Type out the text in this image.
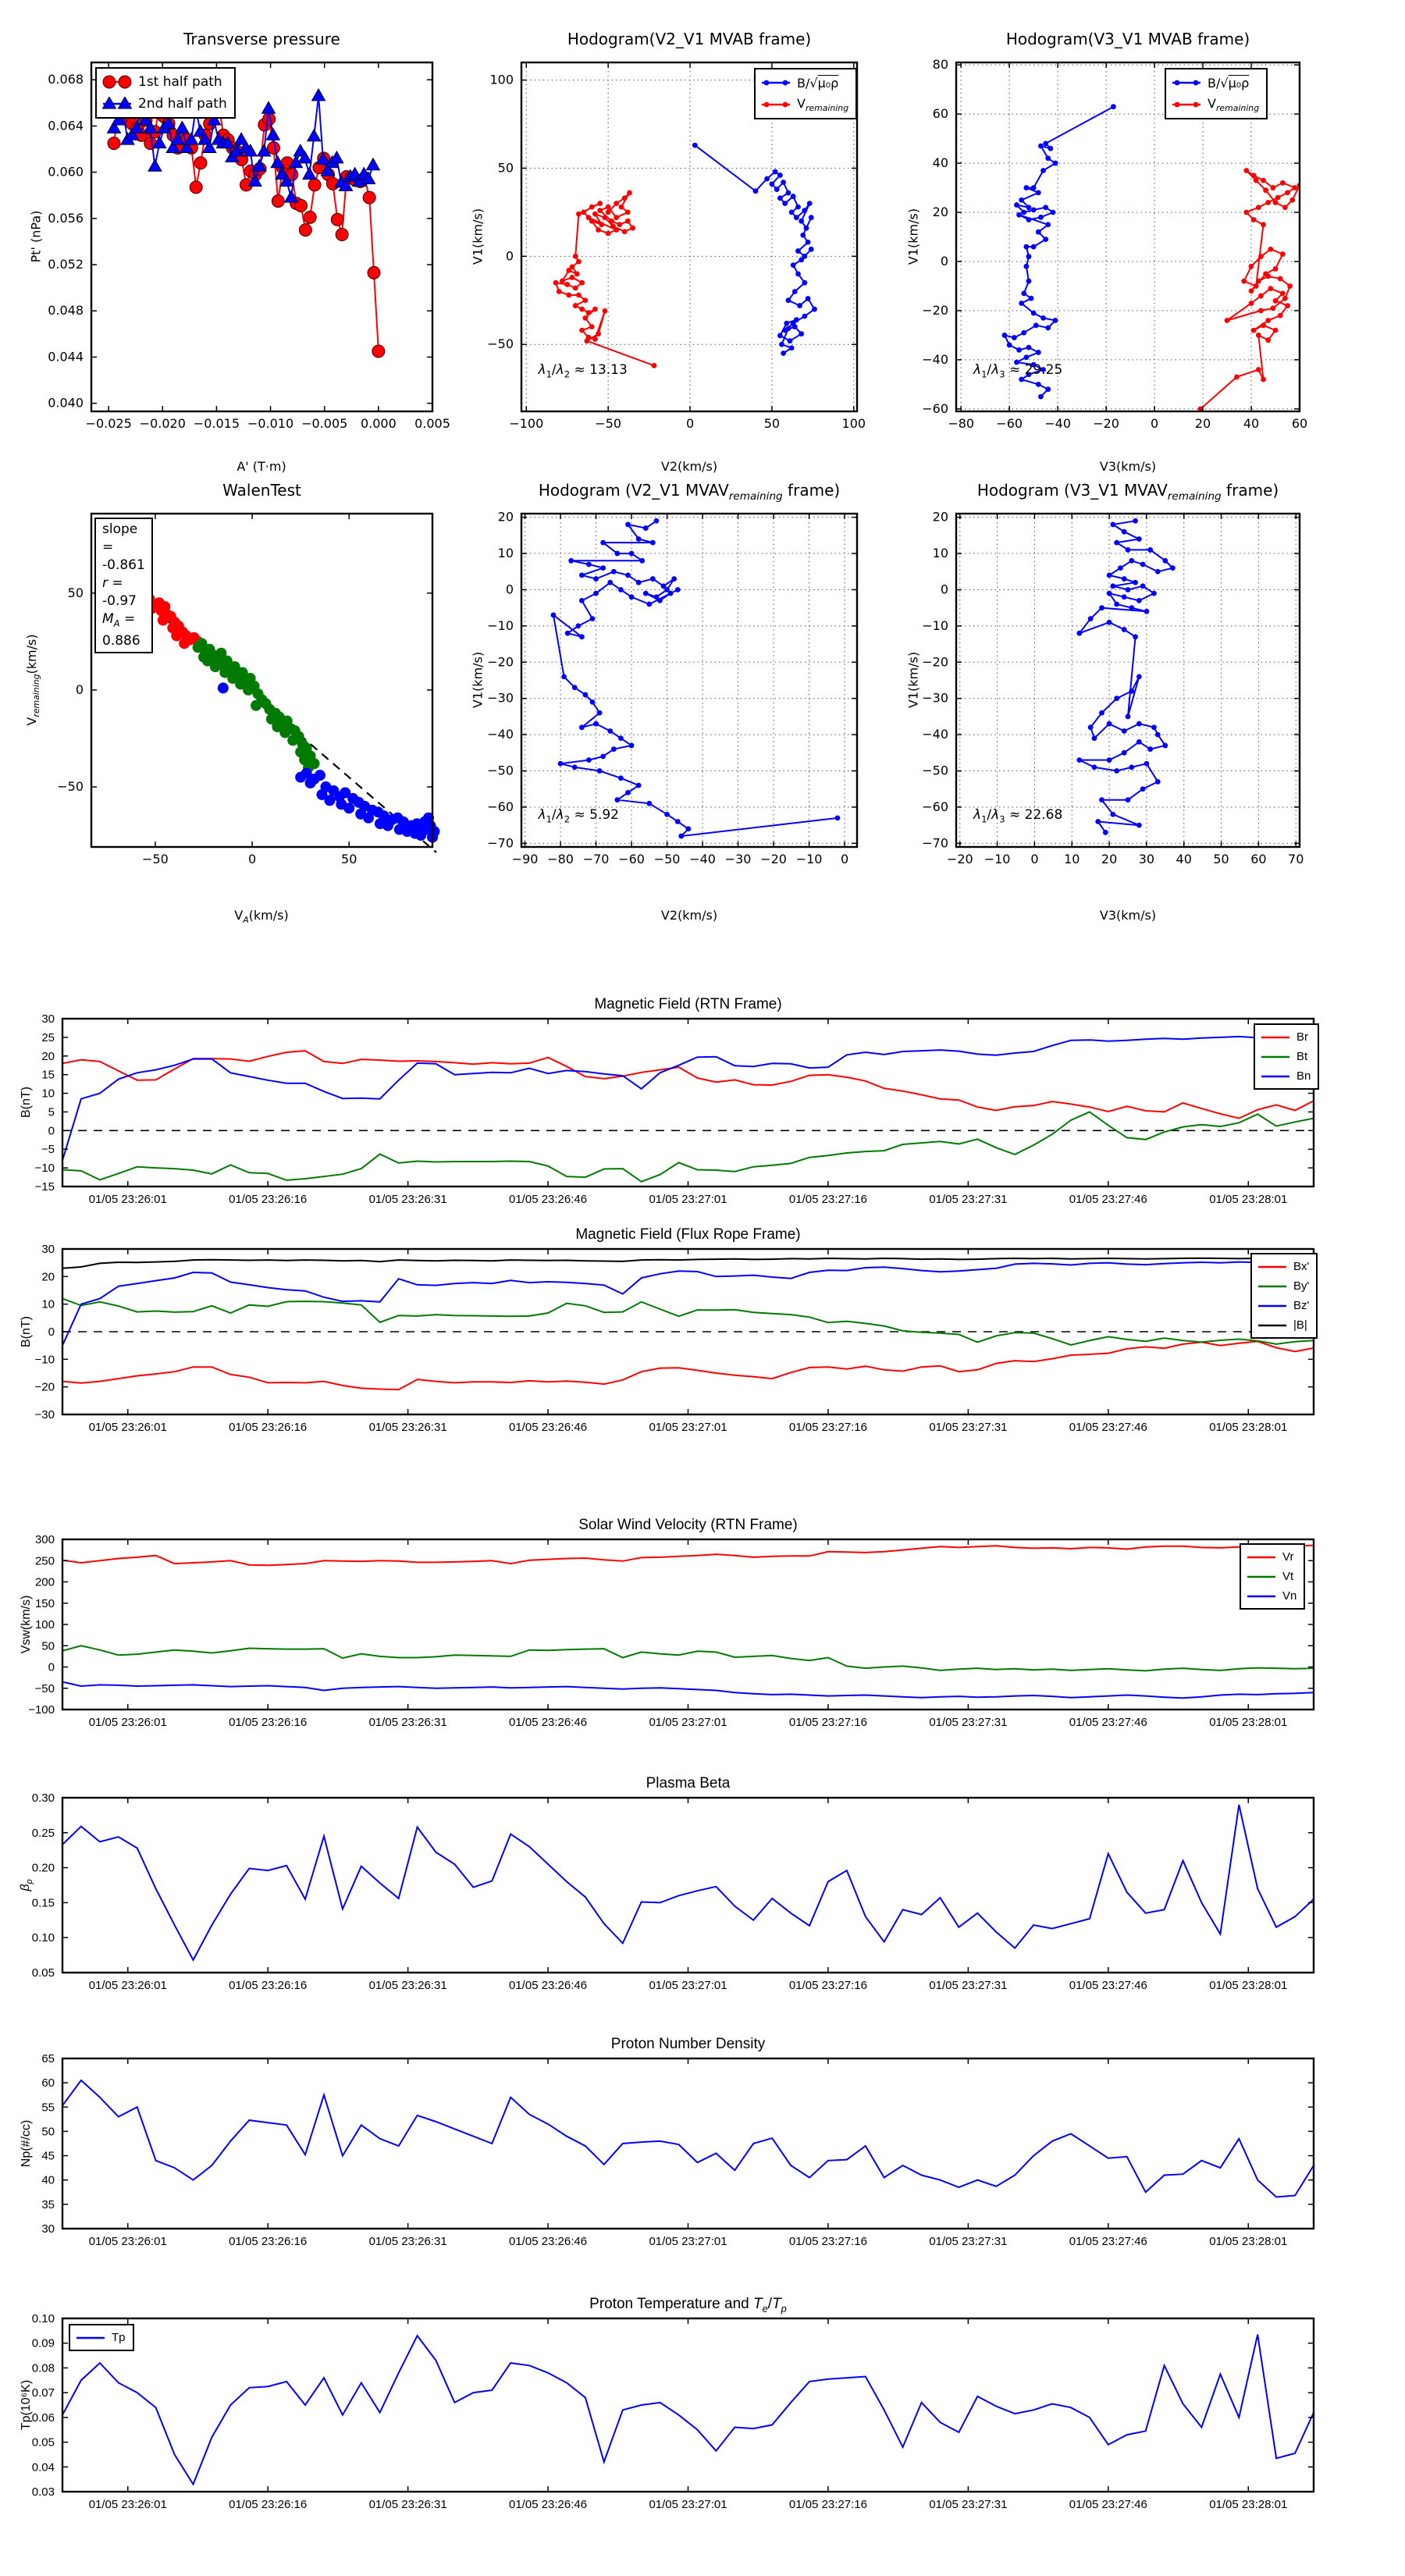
Transverse pressure
Pt' (nPa)
A' (T·m)
−0.025 −0.020 −0.015 −0.010 −0.005 0.000 0.005
0.040
0.044
0.048
0.052
0.056
0.060
0.064
0.068	1st half path
2nd half path
Hodogram(V2_V1 MVAB frame)
V1(km/s)
V2(km/s)
−100	−50	0	50	100
−50
0
50
100
$\lambda_1/\lambda_2 \approx 13.13$
B/√μ₀ρ
$V_{remaining}$
Hodogram(V3_V1 MVAB frame)
V1(km/s)
V3(km/s)
−80 −60 −40 −20 0	20	40	60
−60
−40
−20
0
20
40
60
80
$\lambda_1/\lambda_3 \approx 29.25$
B/√μ₀ρ
$V_{remaining}$
WalenTest
$V_{remaining}(km/s)$
$V_A(km/s)$
−50	0	50
−50
0
50
slope = -0.861
r = -0.97
$M_A = 0.886$
Hodogram (V2_V1 $MVAV_{remaining}$ frame)
V1(km/s)
V2(km/s)
−90 −80 −70 −60 −50 −40 −30 −20 −10 0
−70
−60
−50
−40
−30
−20
−10
0
10
20
$\lambda_1/\lambda_2 \approx 5.92$
Hodogram (V3_V1 $MVAV_{remaining}$ frame)
V1(km/s)
V3(km/s)
−20 −10 0 10 20 30 40 50 60 70
−70
−60
−50
−40
−30
−20
−10
0
10
20
$\lambda_1/\lambda_3 \approx 22.68$
Magnetic Field (RTN Frame)
B(nT)
01/05 23:26:01	01/05 23:26:16	01/05 23:26:31	01/05 23:26:46	01/05 23:27:01	01/05 23:27:16	01/05 23:27:31	01/05 23:27:46	01/05 23:28:01
−15
−10
−5
0
5
10
15
20
25
30
Br
Bt
Bn
Magnetic Field (Flux Rope Frame)
B(nT)
01/05 23:26:01	01/05 23:26:16	01/05 23:26:31	01/05 23:26:46	01/05 23:27:01	01/05 23:27:16	01/05 23:27:31	01/05 23:27:46	01/05 23:28:01
−30
−20
−10
0
10
20
30
Bx'
By'
Bz'
|B|
Solar Wind Velocity (RTN Frame)
Vsw(km/s)
01/05 23:26:01	01/05 23:26:16	01/05 23:26:31	01/05 23:26:46	01/05 23:27:01	01/05 23:27:16	01/05 23:27:31	01/05 23:27:46	01/05 23:28:01
−100
−50
0
50
100
150
200
250
300
Vr
Vt
Vn
Plasma Beta
$\beta_p$
01/05 23:26:01	01/05 23:26:16	01/05 23:26:31	01/05 23:26:46	01/05 23:27:01	01/05 23:27:16	01/05 23:27:31	01/05 23:27:46	01/05 23:28:01
0.05
0.10
0.15
0.20
0.25
0.30
Proton Number Density
Np(#/cc)
01/05 23:26:01	01/05 23:26:16	01/05 23:26:31	01/05 23:26:46	01/05 23:27:01	01/05 23:27:16	01/05 23:27:31	01/05 23:27:46	01/05 23:28:01
30
35
40
45
50
55
60
65
Proton Temperature and $T_e/T_p$
Tp(10⁶K)
01/05 23:26:01	01/05 23:26:16	01/05 23:26:31	01/05 23:26:46	01/05 23:27:01	01/05 23:27:16	01/05 23:27:31	01/05 23:27:46	01/05 23:28:01
0.03
0.04
0.05
0.06
0.07
0.08
0.09
0.10
Tp
